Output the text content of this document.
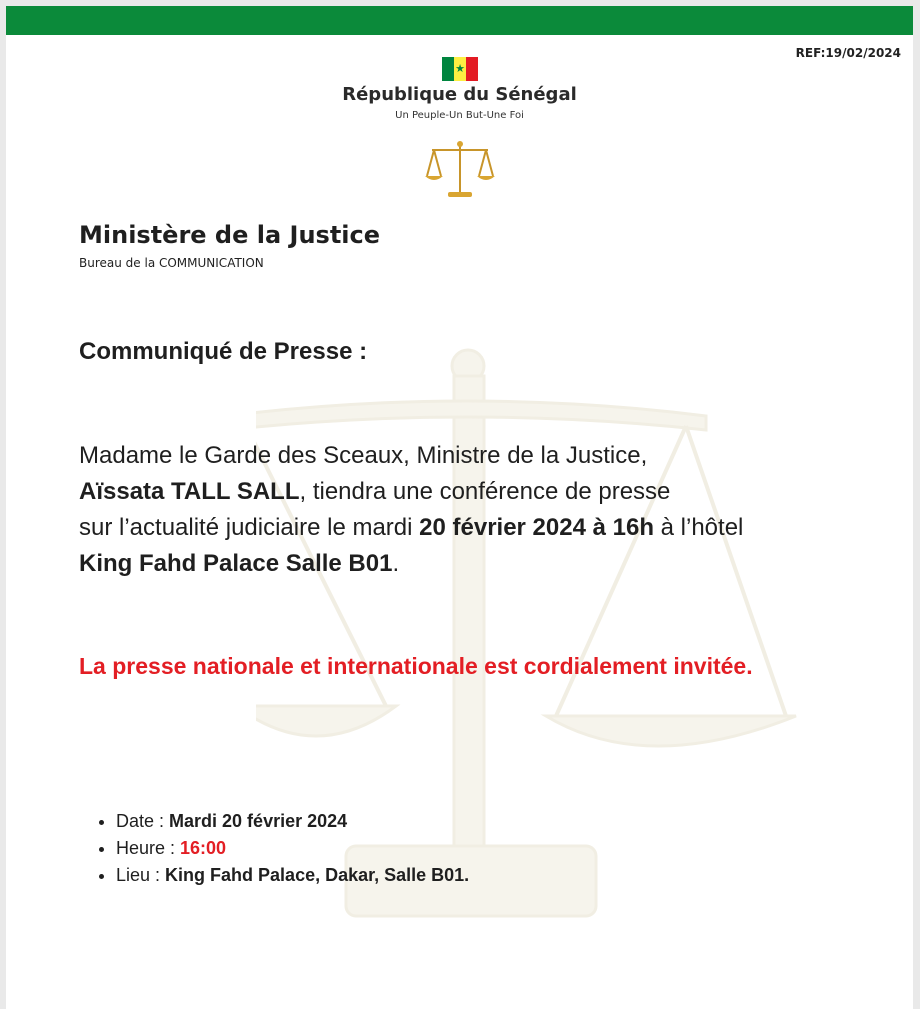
REF:19/02/2024
★
République du Sénégal
Un Peuple-Un But-Une Foi
Ministère de la Justice
Bureau de la COMMUNICATION
Communiqué de Presse :
Madame le Garde des Sceaux, Ministre de la Justice,
Aïssata TALL SALL, tiendra une conférence de presse
sur l’actualité judiciaire le mardi 20 février 2024 à 16h à l’hôtel
King Fahd Palace Salle B01.
La presse nationale et internationale est cordialement invitée.
• Date : Mardi 20 février 2024
• Heure : 16:00
• Lieu : King Fahd Palace, Dakar, Salle B01.
